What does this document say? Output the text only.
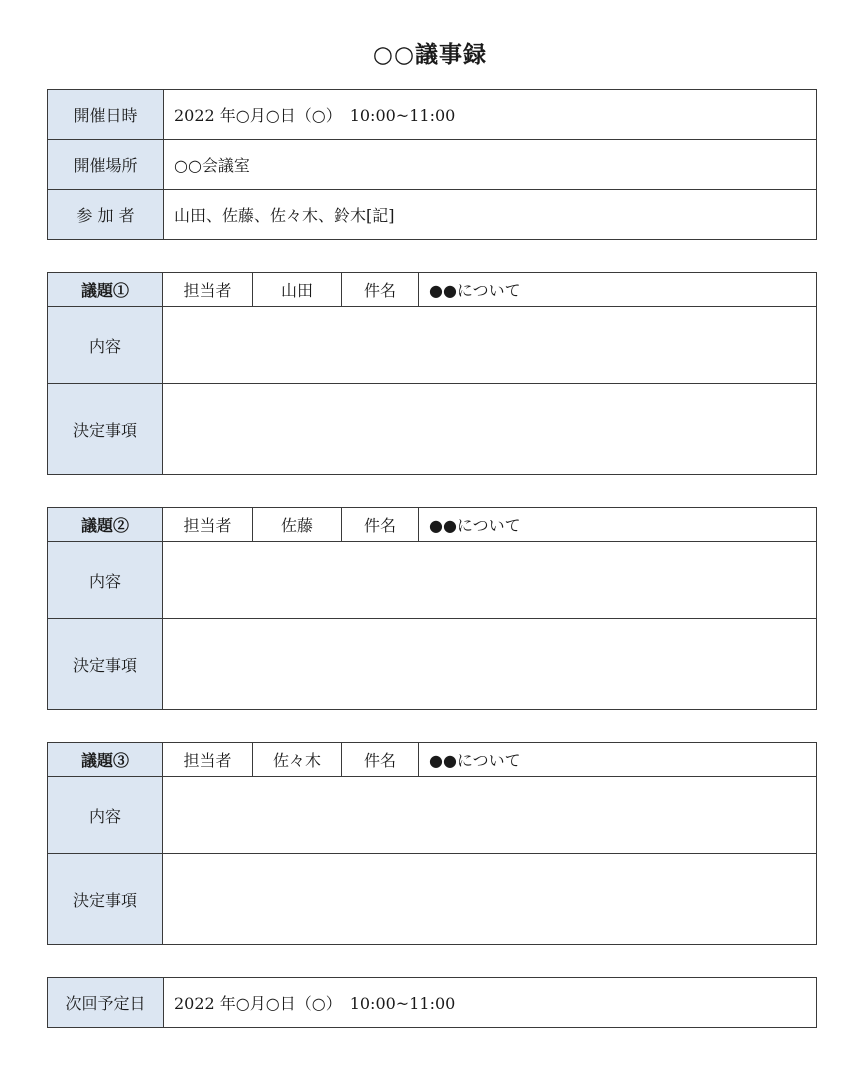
○○議事録
開催日時	2022 年○月○日（○）　10:00~11:00
開催場所	○○会議室
参 加 者	山田、佐藤、佐々木、鈴木[記]
議題①	担当者	山田	件名	●●について
内容				
決定事項				
議題②	担当者	佐藤	件名	●●について
内容				
決定事項				
議題③	担当者	佐々木	件名	●●について
内容				
決定事項				
次回予定日	2022 年○月○日（○）　10:00~11:00
